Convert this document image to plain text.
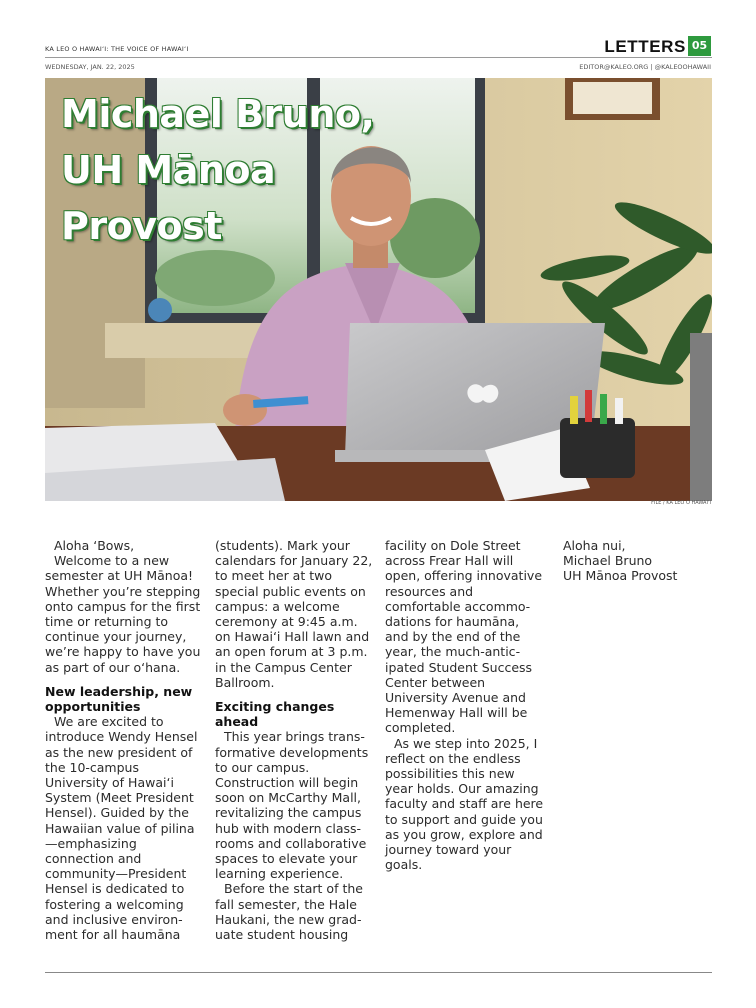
KA LEO O HAWAI‘I: THE VOICE OF HAWAI‘I	LETTERS 05
WEDNESDAY, JAN. 22, 2025	EDITOR@KALEO.ORG | @KALEOOHAWAII
Michael Bruno,
UH Mānoa
Provost
FILE / KA LEO O HAWAI‘I

Aloha ‘Bows,

Welcome to a new semester at UH Mānoa! Whether you’re stepping onto campus for the first time or returning to continue your journey, we’re happy to have you as part of our o‘hana.

New leadership, new opportunities

We are excited to introduce Wendy Hensel as the new president of the 10-campus University of Hawai‘i System (Meet President Hensel). Guided by the Hawaiian value of pilina—emphasizing connection and community—President Hensel is dedicated to fostering a welcoming and inclusive environment for all haumāna

(students). Mark your calendars for January 22, to meet her at two special public events on campus: a welcome ceremony at 9:45 a.m. on Hawai‘i Hall lawn and an open forum at 3 p.m. in the Campus Center Ballroom.

Exciting changes ahead

This year brings transformative developments to our campus. Construction will begin soon on McCarthy Mall, revitalizing the campus hub with modern classrooms and collaborative spaces to elevate your learning experience.

Before the start of the fall semester, the Hale Haukani, the new graduate student housing

facility on Dole Street across Frear Hall will open, offering innovative resources and comfortable accommodations for haumāna, and by the end of the year, the much-anticipated Student Success Center between University Avenue and Hemenway Hall will be completed.

As we step into 2025, I reflect on the endless possibilities this new year holds. Our amazing faculty and staff are here to support and guide you as you grow, explore and journey toward your goals.

Aloha nui,
Michael Bruno
UH Mānoa Provost
